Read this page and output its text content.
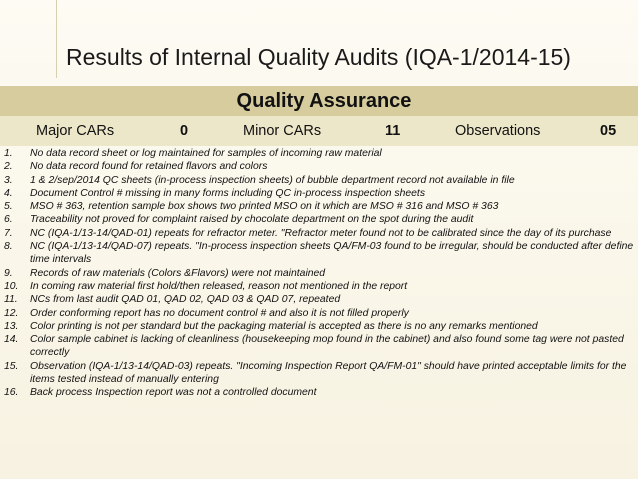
Results of Internal Quality Audits (IQA-1/2014-15)
Quality Assurance
Major CARs	0	Minor CARs	11	Observations	05
1.	No data record sheet or log maintained for samples of incoming raw material
2.	No data record found for retained flavors and colors
3.	1 & 2/sep/2014 QC sheets (in-process inspection sheets) of bubble department record not available in file
4.	Document Control # missing in many forms including QC in-process inspection sheets
5.	MSO # 363, retention sample box shows two printed MSO on it which are MSO # 316 and MSO # 363
6.	Traceability not proved for complaint raised by chocolate department on the spot during the audit
7.	NC (IQA-1/13-14/QAD-01) repeats for refractor meter. "Refractor meter found not to be calibrated since the day of its purchase
8.	NC (IQA-1/13-14/QAD-07) repeats. "In-process inspection sheets QA/FM-03 found to be irregular, should be conducted after define time intervals
9.	Records of raw materials (Colors &Flavors) were not maintained
10.	In coming raw material first hold/then released, reason not mentioned in the report
11.	NCs from last audit QAD 01, QAD 02, QAD 03 & QAD 07, repeated
12.	Order conforming report has no document control # and also it is not filled properly
13.	Color printing is not per standard but the packaging material is accepted as there is no any remarks mentioned
14.	Color sample cabinet is lacking of cleanliness (housekeeping mop found in the cabinet) and also found some tag were not pasted correctly
15.	Observation (IQA-1/13-14/QAD-03) repeats. "Incoming Inspection Report QA/FM-01" should have printed acceptable limits for the items tested instead of manually entering
16.	Back process Inspection report was not a controlled document
